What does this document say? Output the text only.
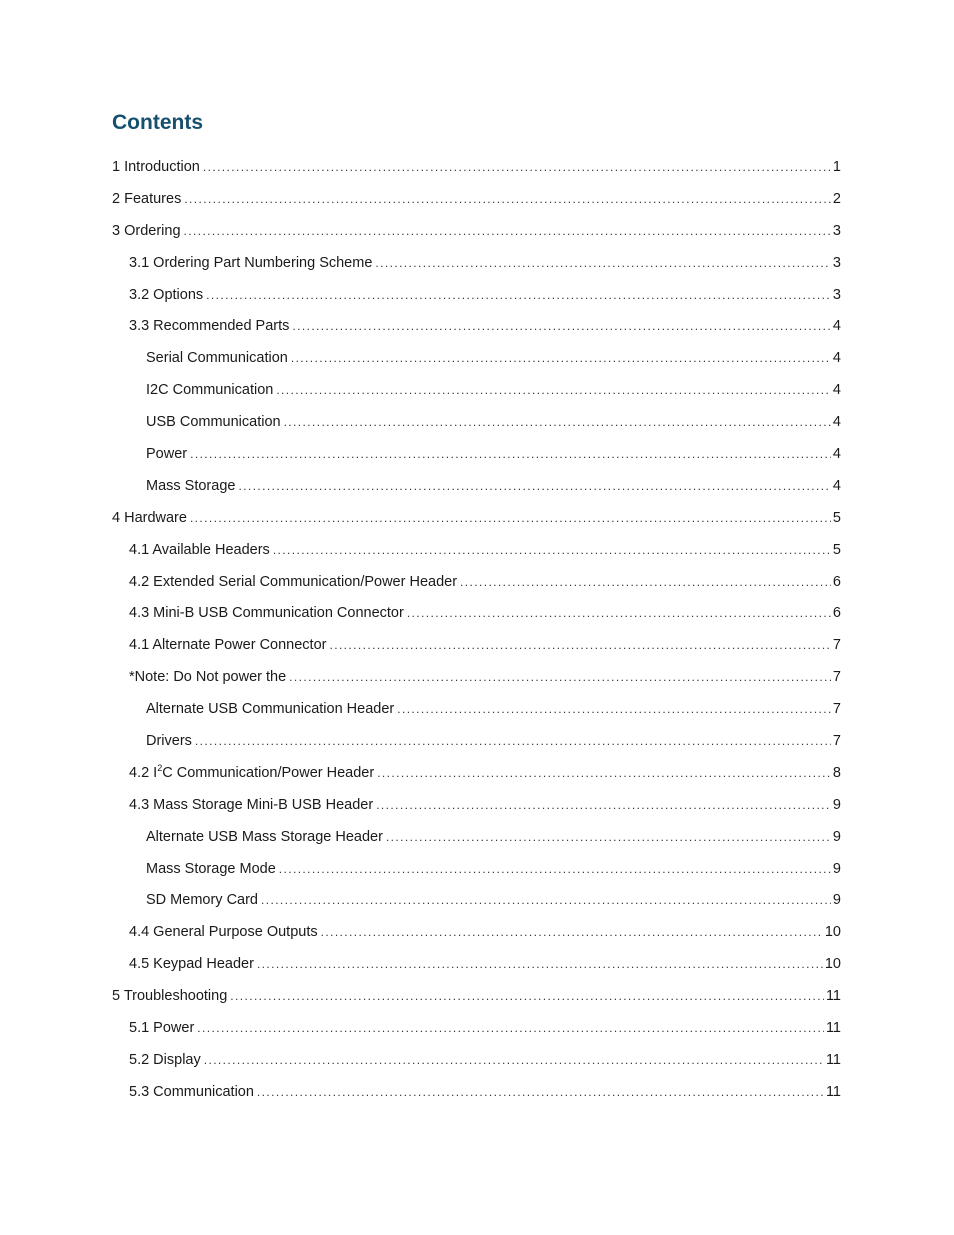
Contents
1 Introduction .....	1
2 Features .....	2
3 Ordering .....	3
3.1 Ordering Part Numbering Scheme .....	3
3.2 Options .....	3
3.3 Recommended Parts .....	4
Serial Communication .....	4
I2C Communication .....	4
USB Communication .....	4
Power .....	4
Mass Storage .....	4
4 Hardware .....	5
4.1 Available Headers .....	5
4.2 Extended Serial Communication/Power Header .....	6
4.3 Mini-B USB Communication Connector .....	6
4.1 Alternate Power Connector .....	7
*Note: Do Not power the .....	7
Alternate USB Communication Header .....	7
Drivers .....	7
4.2 $I^2C$ Communication/Power Header .....	8
4.3 Mass Storage Mini-B USB Header .....	9
Alternate USB Mass Storage Header .....	9
Mass Storage Mode .....	9
SD Memory Card .....	9
4.4 General Purpose Outputs .....	10
4.5 Keypad Header .....	10
5 Troubleshooting .....	11
5.1 Power .....	11
5.2 Display .....	11
5.3 Communication .....	11
